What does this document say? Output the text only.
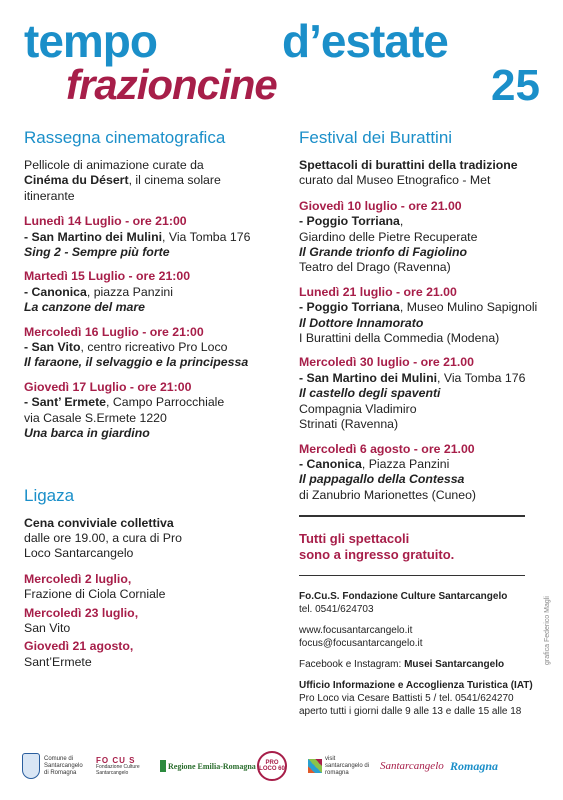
tempo	d’estate
frazioncine	25
Rassegna cinematografica
Pellicole di animazione curate da Cinéma du Désert, il cinema solare itinerante
Lunedì 14 Luglio - ore 21:00
- San Martino dei Mulini, Via Tomba 176
Sing 2 - Sempre più forte
Martedì 15 Luglio - ore 21:00
- Canonica, piazza Panzini
La canzone del mare
Mercoledì 16 Luglio - ore 21:00
- San Vito, centro ricreativo Pro Loco
Il faraone, il selvaggio e la principessa
Giovedì 17 Luglio - ore 21:00
- Sant’ Ermete, Campo Parrocchiale
via Casale S.Ermete 1220
Una barca in giardino
Ligaza
Cena conviviale collettiva
dalle ore 19.00, a cura di Pro Loco Santarcangelo
Mercoledì 2 luglio,
Frazione di Ciola Corniale
Mercoledì 23 luglio,
San Vito
Giovedì 21 agosto,
Sant’Ermete
Festival dei Burattini
Spettacoli di burattini della tradizione
curato dal Museo Etnografico - Met
Giovedì 10 luglio - ore 21.00
- Poggio Torriana,
Giardino delle Pietre Recuperate
Il Grande trionfo di Fagiolino
Teatro del Drago (Ravenna)
Lunedì 21 luglio - ore 21.00
- Poggio Torriana, Museo Mulino Sapignoli
Il Dottore Innamorato
I Burattini della Commedia (Modena)
Mercoledì 30 luglio - ore 21.00
- San Martino dei Mulini, Via Tomba 176
Il castello degli spaventi
Compagnia Vladimiro Strinati (Ravenna)
Mercoledì 6 agosto - ore 21.00
- Canonica, Piazza Panzini
Il pappagallo della Contessa
di Zanubrio Marionettes (Cuneo)
Tutti gli spettacoli
sono a ingresso gratuito.
Fo.Cu.S. Fondazione Culture Santarcangelo
tel. 0541/624703
www.focusantarcangelo.it
focus@focusantarcangelo.it
Facebook e Instagram: Musei Santarcangelo
Ufficio Informazione e Accoglienza Turistica (IAT)
Pro Loco via Cesare Battisti 5 / tel. 0541/624270
aperto tutti i giorni dalle 9 alle 13 e dalle 15 alle 18
grafica Federico Magli
Comune di Santarcangelo di Romagna
FO CU S
Fondazione Culture Santarcangelo
Regione Emilia-Romagna	PRO LOCO 60
visit santarcangelo di romagna
Santarcangelo Romagna
